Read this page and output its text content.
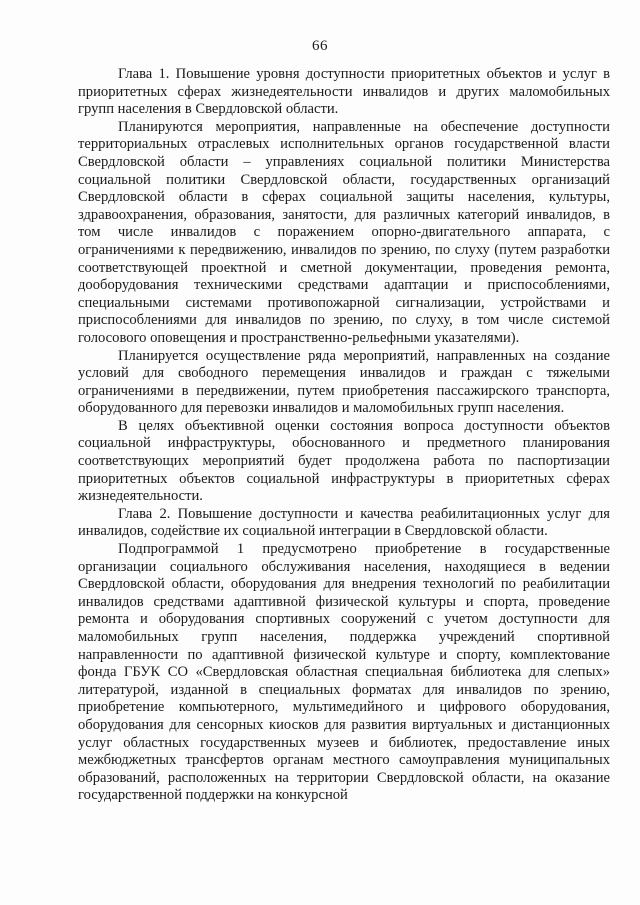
66

Глава 1. Повышение уровня доступности приоритетных объектов и услуг в приоритетных сферах жизнедеятельности инвалидов и других маломобильных групп населения в Свердловской области.

Планируются мероприятия, направленные на обеспечение доступности территориальных отраслевых исполнительных органов государственной власти Свердловской области – управлениях социальной политики Министерства социальной политики Свердловской области, государственных организаций Свердловской области в сферах социальной защиты населения, культуры, здравоохранения, образования, занятости, для различных категорий инвалидов, в том числе инвалидов с поражением опорно-двигательного аппарата, с ограничениями к передвижению, инвалидов по зрению, по слуху (путем разработки соответствующей проектной и сметной документации, проведения ремонта, дооборудования техническими средствами адаптации и приспособлениями, специальными системами противопожарной сигнализации, устройствами и приспособлениями для инвалидов по зрению, по слуху, в том числе системой голосового оповещения и пространственно-рельефными указателями).

Планируется осуществление ряда мероприятий, направленных на создание условий для свободного перемещения инвалидов и граждан с тяжелыми ограничениями в передвижении, путем приобретения пассажирского транспорта, оборудованного для перевозки инвалидов и маломобильных групп населения.

В целях объективной оценки состояния вопроса доступности объектов социальной инфраструктуры, обоснованного и предметного планирования соответствующих мероприятий будет продолжена работа по паспортизации приоритетных объектов социальной инфраструктуры в приоритетных сферах жизнедеятельности.

Глава 2. Повышение доступности и качества реабилитационных услуг для инвалидов, содействие их социальной интеграции в Свердловской области.

Подпрограммой 1 предусмотрено приобретение в государственные организации социального обслуживания населения, находящиеся в ведении Свердловской области, оборудования для внедрения технологий по реабилитации инвалидов средствами адаптивной физической культуры и спорта, проведение ремонта и оборудования спортивных сооружений с учетом доступности для маломобильных групп населения, поддержка учреждений спортивной направленности по адаптивной физической культуре и спорту, комплектование фонда ГБУК СО «Свердловская областная специальная библиотека для слепых» литературой, изданной в специальных форматах для инвалидов по зрению, приобретение компьютерного, мультимедийного и цифрового оборудования, оборудования для сенсорных киосков для развития виртуальных и дистанционных услуг областных государственных музеев и библиотек, предоставление иных межбюджетных трансфертов органам местного самоуправления муниципальных образований, расположенных на территории Свердловской области, на оказание государственной поддержки на конкурсной
